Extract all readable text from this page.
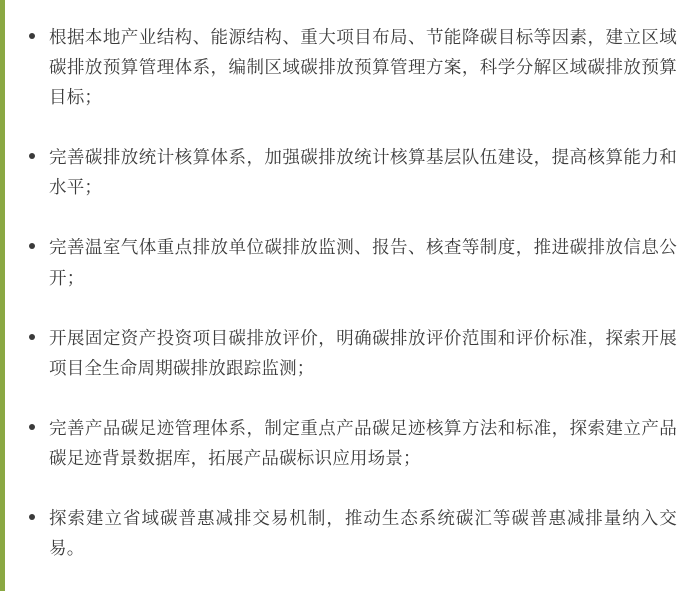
根据本地产业结构、能源结构、重大项目布局、节能降碳目标等因素，建立区域碳排放预算管理体系，编制区域碳排放预算管理方案，科学分解区域碳排放预算目标；
完善碳排放统计核算体系，加强碳排放统计核算基层队伍建设，提高核算能力和水平；
完善温室气体重点排放单位碳排放监测、报告、核查等制度，推进碳排放信息公开；
开展固定资产投资项目碳排放评价，明确碳排放评价范围和评价标准，探索开展项目全生命周期碳排放跟踪监测；
完善产品碳足迹管理体系，制定重点产品碳足迹核算方法和标准，探索建立产品碳足迹背景数据库，拓展产品碳标识应用场景；
探索建立省域碳普惠减排交易机制，推动生态系统碳汇等碳普惠减排量纳入交易。
